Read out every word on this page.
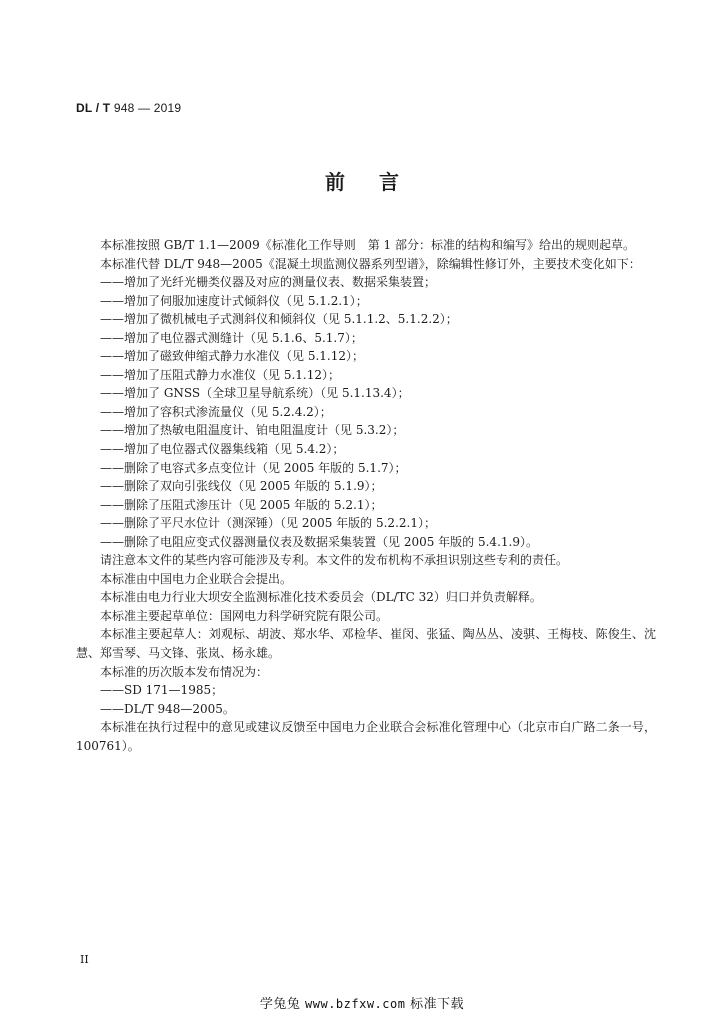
DL / T 948 — 2019
前言

本标准按照 GB/T 1.1—2009《标准化工作导则　第 1 部分：标准的结构和编写》给出的规则起草。

本标准代替 DL/T 948—2005《混凝土坝监测仪器系列型谱》，除编辑性修订外，主要技术变化如下：

——增加了光纤光栅类仪器及对应的测量仪表、数据采集装置；

——增加了伺服加速度计式倾斜仪（见 5.1.2.1）；

——增加了微机械电子式测斜仪和倾斜仪（见 5.1.1.2、5.1.2.2）；

——增加了电位器式测缝计（见 5.1.6、5.1.7）；

——增加了磁致伸缩式静力水准仪（见 5.1.12）；

——增加了压阻式静力水准仪（见 5.1.12）；

——增加了 GNSS（全球卫星导航系统）（见 5.1.13.4）；

——增加了容积式渗流量仪（见 5.2.4.2）；

——增加了热敏电阻温度计、铂电阻温度计（见 5.3.2）；

——增加了电位器式仪器集线箱（见 5.4.2）；

——删除了电容式多点变位计（见 2005 年版的 5.1.7）；

——删除了双向引张线仪（见 2005 年版的 5.1.9）；

——删除了压阻式渗压计（见 2005 年版的 5.2.1）；

——删除了平尺水位计（测深锤）（见 2005 年版的 5.2.2.1）；

——删除了电阻应变式仪器测量仪表及数据采集装置（见 2005 年版的 5.4.1.9）。

请注意本文件的某些内容可能涉及专利。本文件的发布机构不承担识别这些专利的责任。

本标准由中国电力企业联合会提出。

本标准由电力行业大坝安全监测标准化技术委员会（DL/TC 32）归口并负责解释。

本标准主要起草单位：国网电力科学研究院有限公司。

本标准主要起草人：刘观标、胡波、郑水华、邓检华、崔闵、张猛、陶丛丛、凌骐、王梅枝、陈俊生、沈慧、郑雪琴、马文锋、张岚、杨永雄。

本标准的历次版本发布情况为：

——SD 171—1985；

——DL/T 948—2005。

本标准在执行过程中的意见或建议反馈至中国电力企业联合会标准化管理中心（北京市白广路二条一号，100761）。

II
学兔兔 www.bzfxw.com 标准下载
